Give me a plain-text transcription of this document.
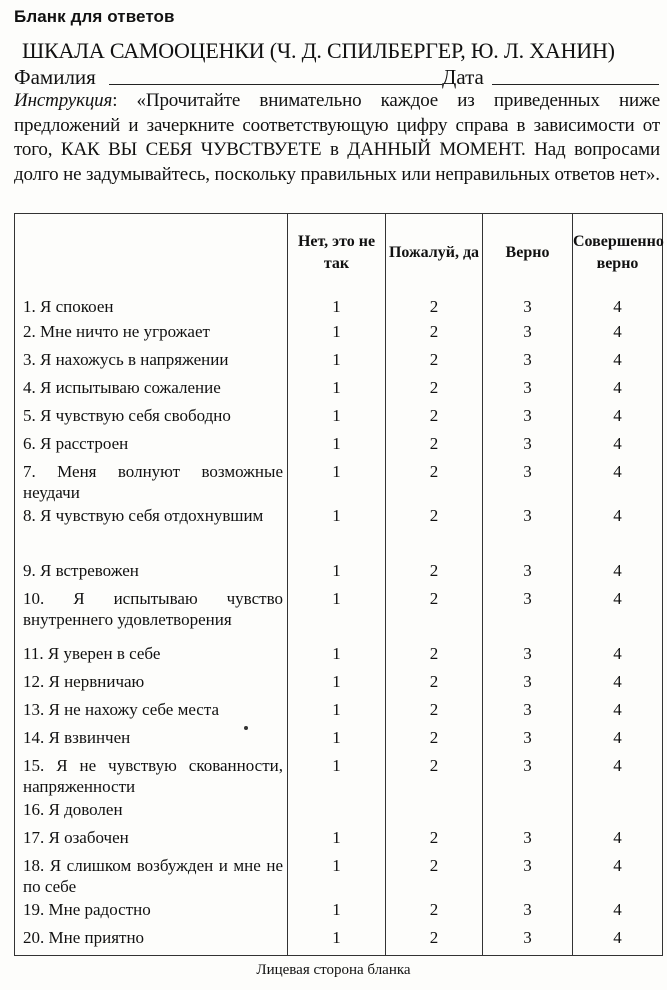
Бланк для ответов
ШКАЛА САМООЦЕНКИ (Ч. Д. СПИЛБЕРГЕР, Ю. Л. ХАНИН)
Фамилия	Дата
Инструкция: «Прочитайте внимательно каждое из приведенных ниже предложений и зачеркните соответствующую цифру справа в зависимости от того, КАК ВЫ СЕБЯ ЧУВСТВУЕТЕ в ДАННЫЙ МОМЕНТ. Над вопросами долго не задумывайтесь, поскольку правильных или неправильных ответов нет».
	Нет, это не так	Пожалуй, да	Верно	Совершенно верно
1. Я спокоен	1	2	3	4
2. Мне ничто не угрожает	1	2	3	4
3. Я нахожусь в напряжении	1	2	3	4
4. Я испытываю сожаление	1	2	3	4
5. Я чувствую себя свободно	1	2	3	4
6. Я расстроен	1	2	3	4
7. Меня волнуют возможные неудачи	1	2	3	4
8. Я чувствую себя отдохнувшим	1	2	3	4
9. Я встревожен	1	2	3	4
10. Я испытываю чувство внутреннего удовлетворения	1	2	3	4
11. Я уверен в себе	1	2	3	4
12. Я нервничаю	1	2	3	4
13. Я не нахожу себе места	1	2	3	4
14. Я взвинчен	1	2	3	4
15. Я не чувствую скованности, напряженности	1	2	3	4
16. Я доволен				
17. Я озабочен	1	2	3	4
18. Я слишком возбужден и мне не по себе	1	2	3	4
19. Мне радостно	1	2	3	4
20. Мне приятно	1	2	3	4
Лицевая сторона бланка
